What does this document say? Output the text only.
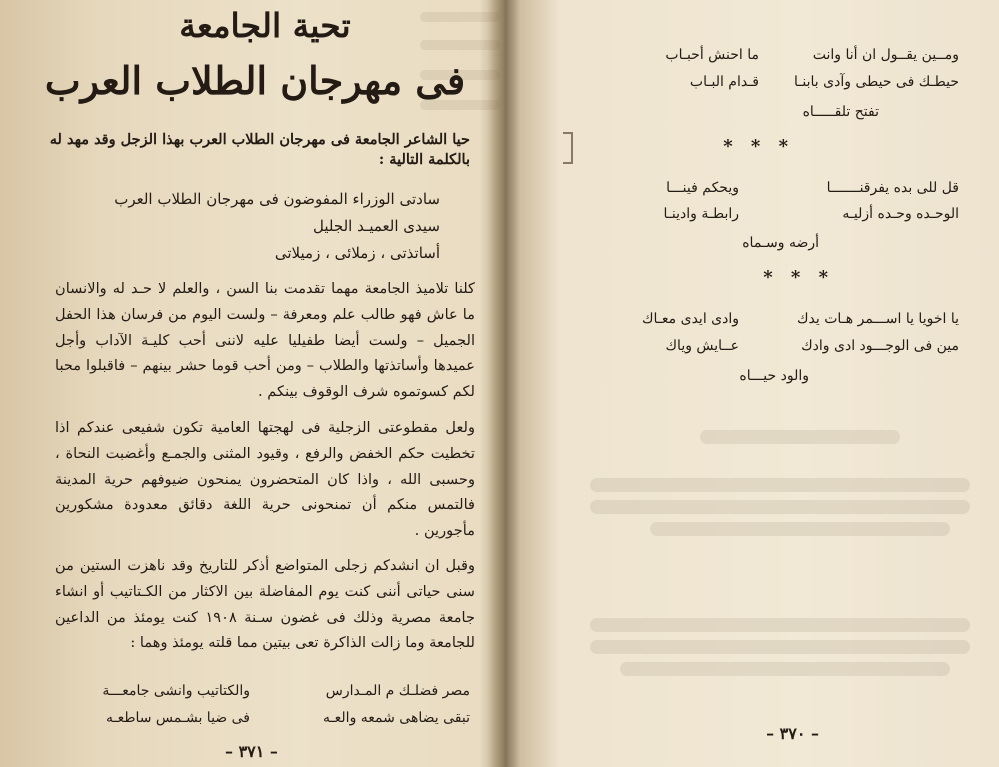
تحية الجامعة
فى مهرجان الطلاب العرب
حيا الشاعر الجامعة فى مهرجان الطلاب العرب بهذا الزجل وقد مهد له بالكلمة التالية :
سادتى الوزراء المفوضون فى مهرجان الطلاب العرب
سيدى العميـد الجليل
أساتذتى ، زملائى ، زميلاتى
كلنا تلاميذ الجامعة مهما تقدمت بنا السن ، والعلم لا حـد له والانسان ما عاش فهو طالب علم ومعرفة – ولست اليوم من فرسان هذا الحفل الجميل – ولست أيضا طفيليا عليه لاننى أحب كليـة الآداب وأجل عميدها وأساتذتها والطلاب – ومن أحب قوما حشر بينهم – فاقبلوا محبا لكم كسوتموه شرف الوقوف بينكم .
ولعل مقطوعتى الزجلية فى لهجتها العامية تكون شفيعى عندكم اذا تخطيت حكم الخفض والرفع ، وقيود المثنى والجمـع وأغضبت النحاة ، وحسبى الله ، واذا كان المتحضرون يمنحون ضيوفهم حرية المدينة فالتمس منكم أن تمنحونى حرية اللغة دقائق معدودة مشكورين مأجورين .
وقبل ان انشدكم زجلى المتواضع أذكر للتاريخ وقد ناهزت الستين من سنى حياتى أننى كنت يوم المفاضلة بين الاكثار من الكـتاتيب أو انشاء جامعة مصرية وذلك فى غضون سـنة ١٩٠٨ كنت يومئذ من الداعين للجامعة وما زالت الذاكرة تعى بيتين مما قلته يومئذ وهما :
مصر فضلـك م المـدارس
والكتاتيب وانشى جامعـــة
تبقى يضاهى شمعه والعـه
فى ضيا بشـمس ساطعـه
– ٣٧١ –
ومــين يقــول ان أنا وانت
ما احنش أحبـاب
حيطـك فى حيطى وآدى بابنـا
قـدام البـاب
تفتح تلقـــــاه
* * *
قل للى بده يفرقنـــــــا
ويحكم فينـــا
الوحـده وحـده أزليـه
رابطـة وادينـا
أرضه وسـماه
* * *
يا اخويا يا اســـمر هـات يدك
وادى ايدى معـاك
مين فى الوجـــود ادى وادك
عــايش وياك
والود حيـــاه
– ٣٧٠ –
